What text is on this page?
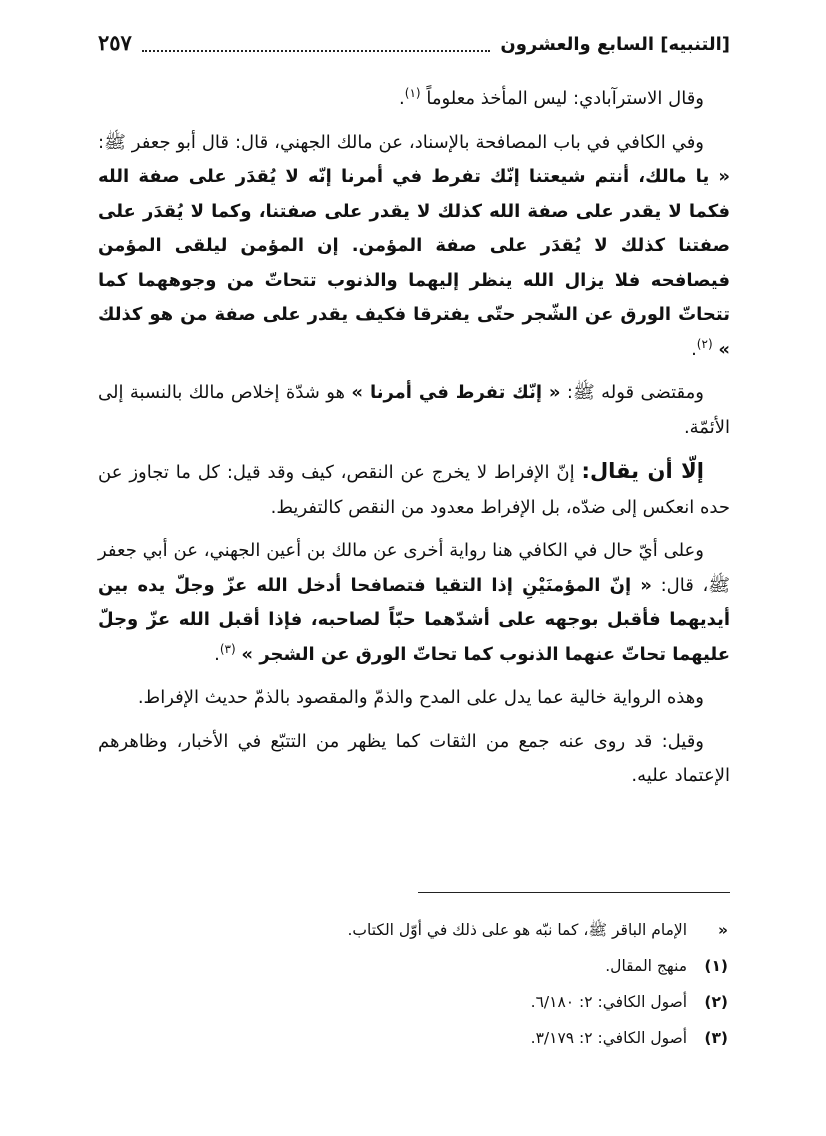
٢٥٧	[التنبيه] السابع والعشرون

وقال الاسترآبادي: ليس المأخذ معلوماً $^{(١)}$.

وفي الكافي في باب المصافحة بالإسناد، عن مالك الجهني، قال: قال أبو جعفر ﷺ: « يا مالك، أنتم شيعتنا إنّك تفرط في أمرنا إنّه لا يُقدَر على صفة الله فكما لا يقدر على صفة الله كذلك لا يقدر على صفتنا، وكما لا يُقدَر على صفتنا كذلك لا يُقدَر على صفة المؤمن. إن المؤمن ليلقى المؤمن فيصافحه فلا يزال الله ينظر إليهما والذنوب تتحاتّ من وجوههما كما تتحاتّ الورق عن الشّجر حتّى يفترقا فكيف يقدر على صفة من هو كذلك » $^{(٢)}$.

ومقتضى قوله ﷺ: « إنّك تفرط في أمرنا » هو شدّة إخلاص مالك بالنسبة إلى الأئمّة.

إلّا أن يقال: إنّ الإفراط لا يخرج عن النقص، كيف وقد قيل: كل ما تجاوز عن حده انعكس إلى ضدّه، بل الإفراط معدود من النقص كالتفريط.

وعلى أيّ حال في الكافي هنا رواية أخرى عن مالك بن أعين الجهني، عن أبي جعفر ﷺ، قال: « إنّ المؤمنَيْنِ إذا التقيا فتصافحا أدخل الله عزّ وجلّ يده بين أيديهما فأقبل بوجهه على أشدّهما حبّاً لصاحبه، فإذا أقبل الله عزّ وجلّ عليهما تحاتّ عنهما الذنوب كما تحاتّ الورق عن الشجر » $^{(٣)}$.

وهذه الرواية خالية عما يدل على المدح والذمّ والمقصود بالذمّ حديث الإفراط.

وقيل: قد روى عنه جمع من الثقات كما يظهر من التتبّع في الأخبار، وظاهرهم الإعتماد عليه.

« الإمام الباقر ﷺ، كما نبّه هو على ذلك في أوّل الكتاب.
(١) منهج المقال.
(٢) أصول الكافي: ٢: ٦/١٨٠.
(٣) أصول الكافي: ٢: ٣/١٧٩.
